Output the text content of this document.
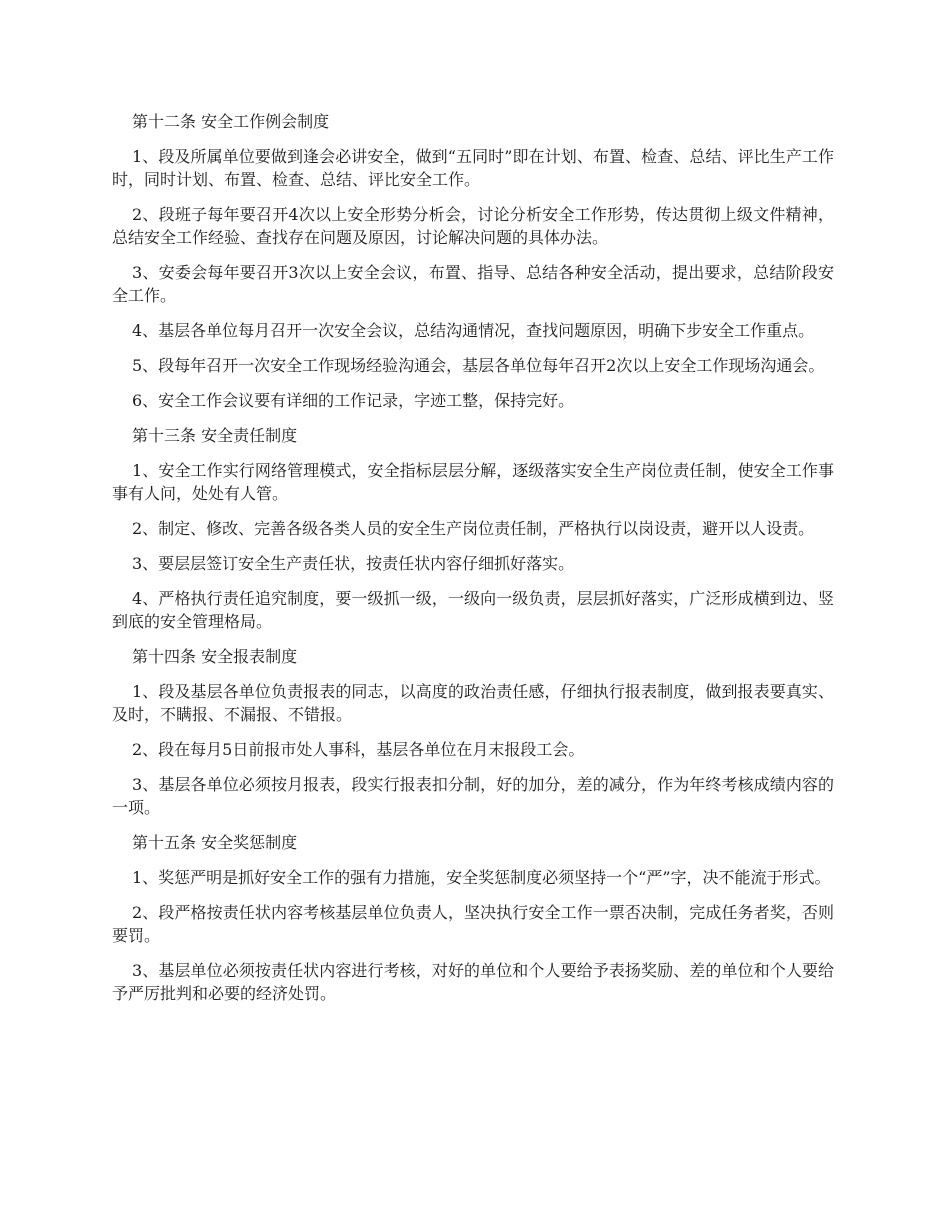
第十二条 安全工作例会制度

1、段及所属单位要做到逢会必讲安全，做到“五同时”即在计划、布置、检查、总结、评比生产工作时，同时计划、布置、检查、总结、评比安全工作。

2、段班子每年要召开4次以上安全形势分析会，讨论分析安全工作形势，传达贯彻上级文件精神，总结安全工作经验、查找存在问题及原因，讨论解决问题的具体办法。

3、安委会每年要召开3次以上安全会议，布置、指导、总结各种安全活动，提出要求，总结阶段安全工作。

4、基层各单位每月召开一次安全会议，总结沟通情况，查找问题原因，明确下步安全工作重点。

5、段每年召开一次安全工作现场经验沟通会，基层各单位每年召开2次以上安全工作现场沟通会。

6、安全工作会议要有详细的工作记录，字迹工整，保持完好。

第十三条 安全责任制度

1、安全工作实行网络管理模式，安全指标层层分解，逐级落实安全生产岗位责任制，使安全工作事事有人问，处处有人管。

2、制定、修改、完善各级各类人员的安全生产岗位责任制，严格执行以岗设责，避开以人设责。

3、要层层签订安全生产责任状，按责任状内容仔细抓好落实。

4、严格执行责任追究制度，要一级抓一级，一级向一级负责，层层抓好落实，广泛形成横到边、竖到底的安全管理格局。

第十四条 安全报表制度

1、段及基层各单位负责报表的同志，以高度的政治责任感，仔细执行报表制度，做到报表要真实、及时，不瞒报、不漏报、不错报。

2、段在每月5日前报市处人事科，基层各单位在月末报段工会。

3、基层各单位必须按月报表，段实行报表扣分制，好的加分，差的减分，作为年终考核成绩内容的一项。

第十五条 安全奖惩制度

1、奖惩严明是抓好安全工作的强有力措施，安全奖惩制度必须坚持一个“严”字，决不能流于形式。

2、段严格按责任状内容考核基层单位负责人，坚决执行安全工作一票否决制，完成任务者奖，否则要罚。

3、基层单位必须按责任状内容进行考核，对好的单位和个人要给予表扬奖励、差的单位和个人要给予严厉批判和必要的经济处罚。
